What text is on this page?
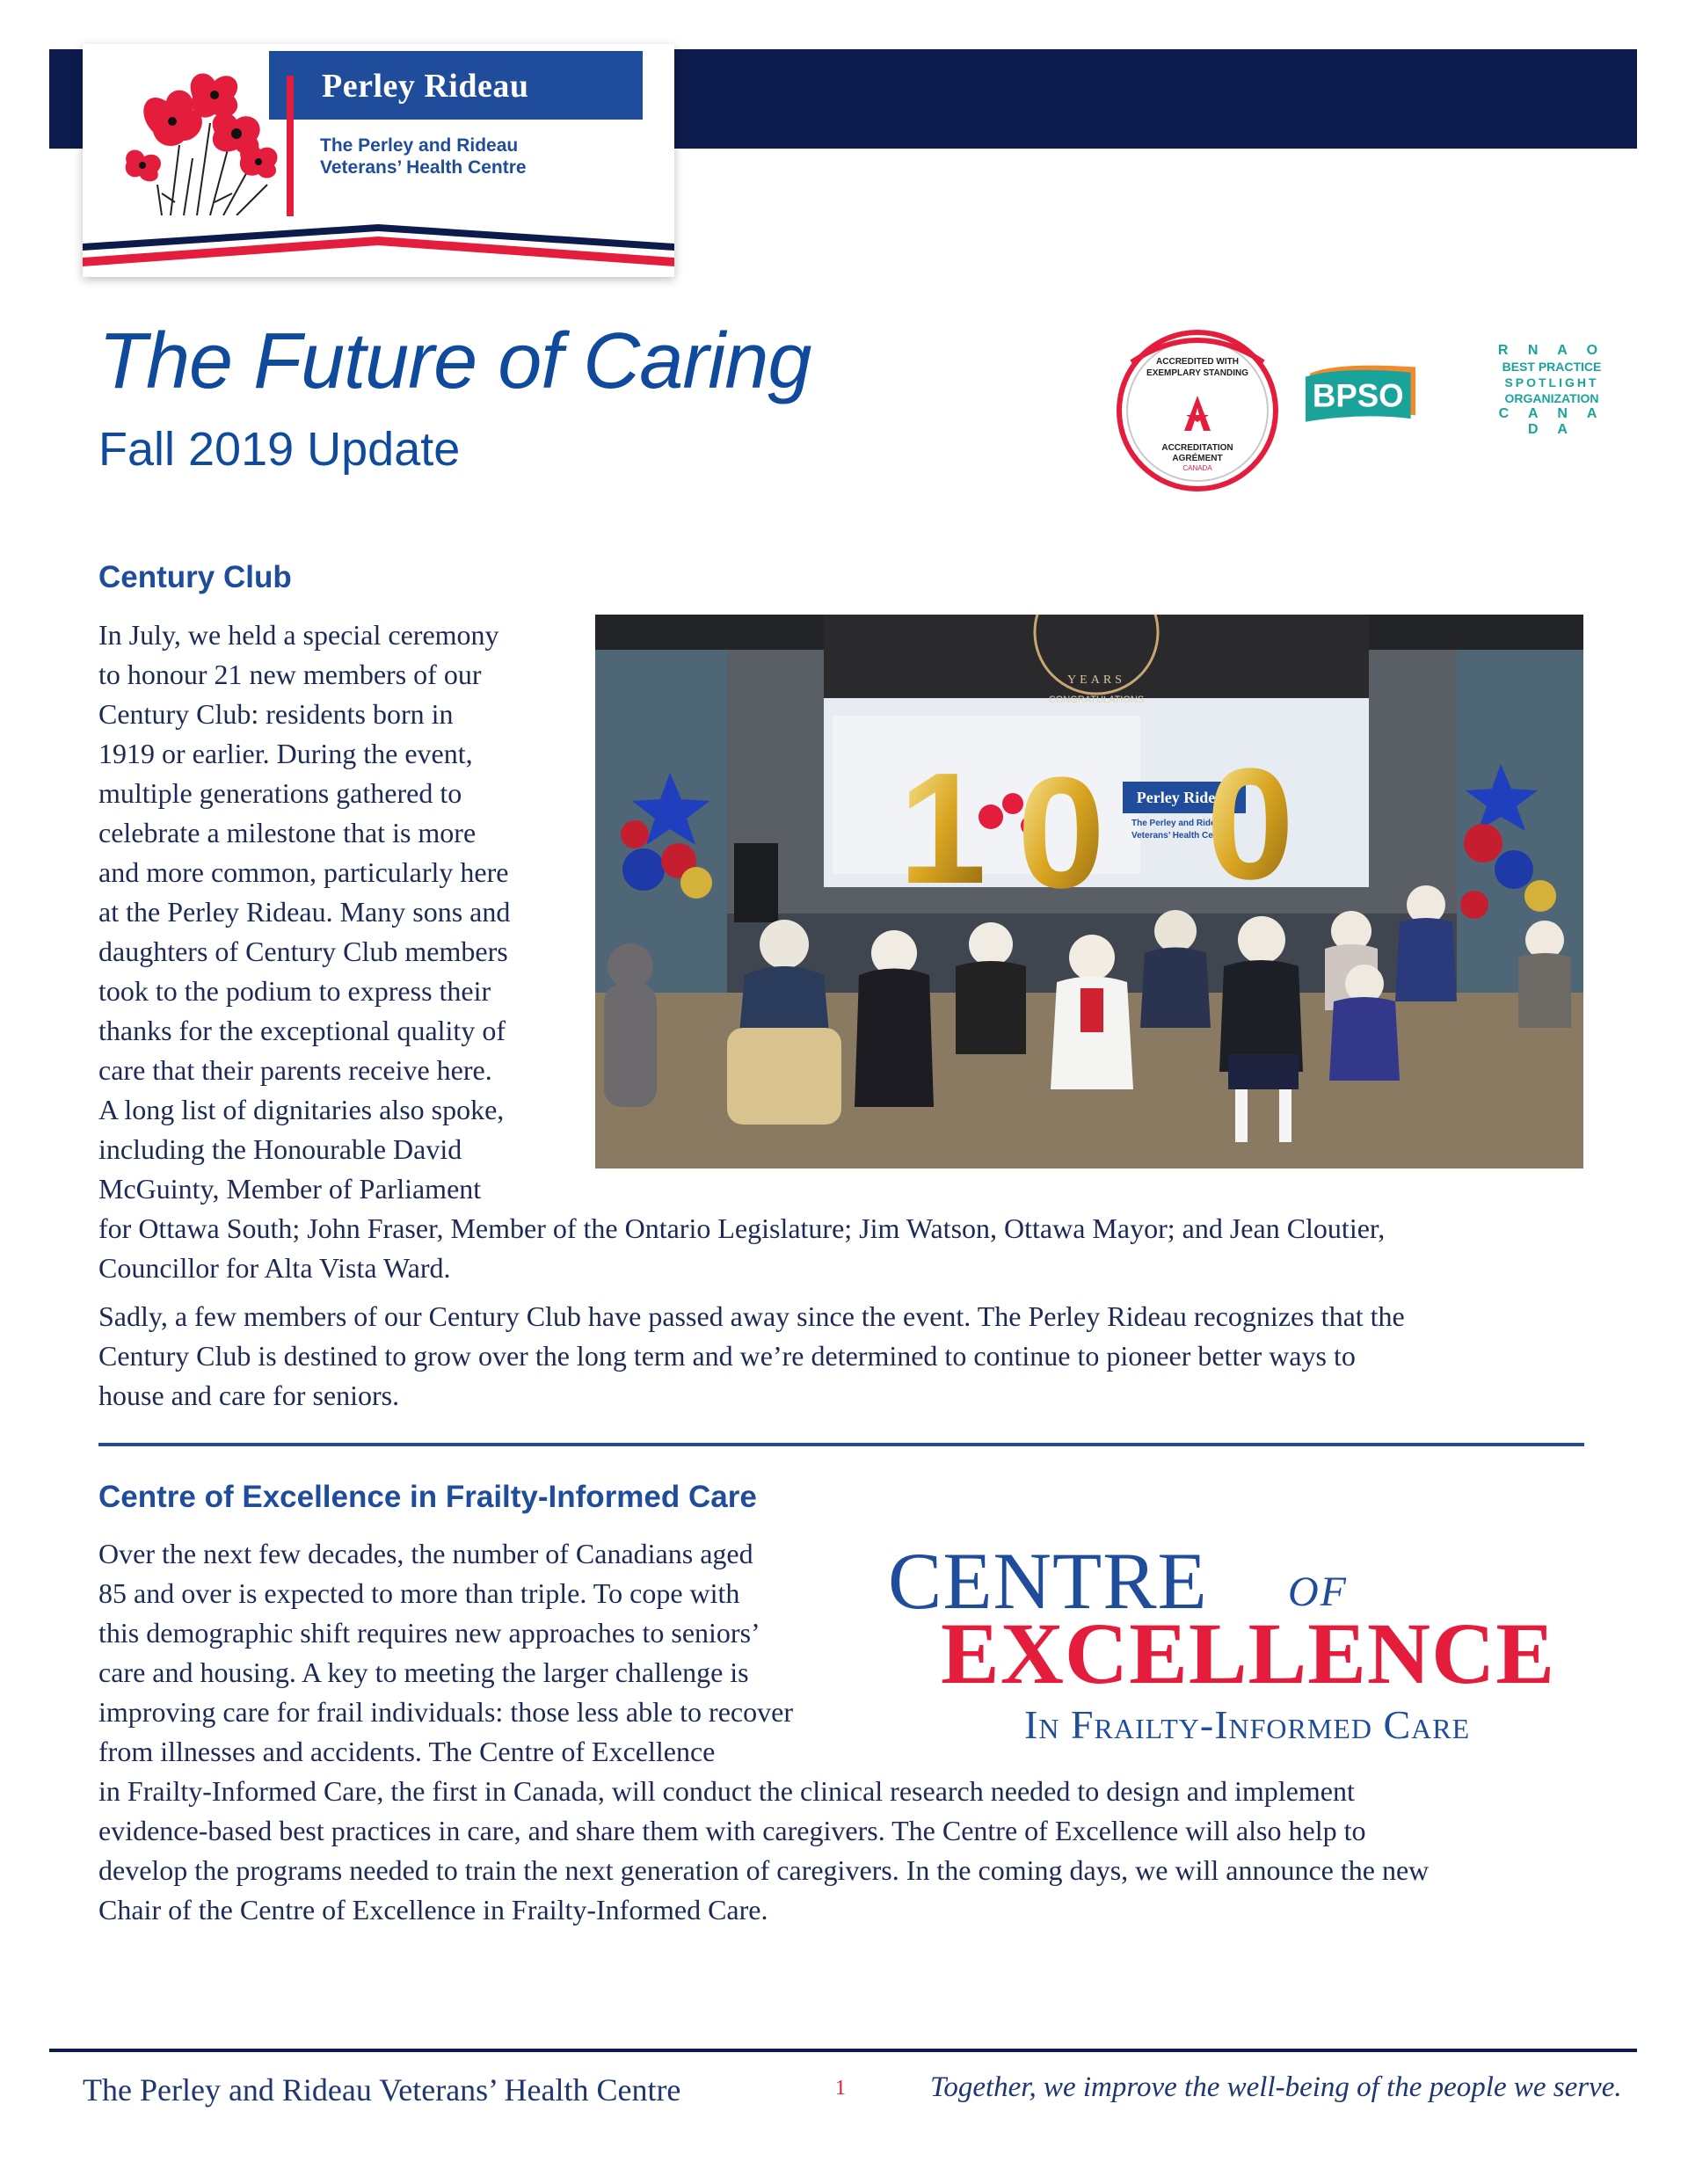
Perley Rideau
The Perley and Rideau
Veterans’ Health Centre
The Future of Caring
Fall 2019 Update
ACCREDITED WITH
EXEMPLARY STANDING
ACCREDITATION
AGRÉMENT
CANADA
BPSO
R N A O
BEST PRACTICE
SPOTLIGHT
ORGANIZATION
C A N A D A
Century Club
In July, we held a special ceremony
to honour 21 new members of our
Century Club: residents born in
1919 or earlier. During the event,
multiple generations gathered to
celebrate a milestone that is more
and more common, particularly here
at the Perley Rideau. Many sons and
daughters of Century Club members
took to the podium to express their
thanks for the exceptional quality of
care that their parents receive here.
A long list of dignitaries also spoke,
including the Honourable David
McGuinty, Member of Parliament
for Ottawa South; John Fraser, Member of the Ontario Legislature; Jim Watson, Ottawa Mayor; and Jean Cloutier,
Councillor for Alta Vista Ward.
Sadly, a few members of our Century Club have passed away since the event. The Perley Rideau recognizes that the
Century Club is destined to grow over the long term and we’re determined to continue to pioneer better ways to
house and care for seniors.
YEARS
CONGRATULATIONS
Perley Rideau
The Perley and Rideau
Veterans’ Health Centre
1 0 0
Centre of Excellence in Frailty-Informed Care
Over the next few decades, the number of Canadians aged
85 and over is expected to more than triple. To cope with
this demographic shift requires new approaches to seniors’
care and housing. A key to meeting the larger challenge is
improving care for frail individuals: those less able to recover
from illnesses and accidents. The Centre of Excellence
in Frailty-Informed Care, the first in Canada, will conduct the clinical research needed to design and implement
evidence-based best practices in care, and share them with caregivers. The Centre of Excellence will also help to
develop the programs needed to train the next generation of caregivers. In the coming days, we will announce the new
Chair of the Centre of Excellence in Frailty-Informed Care.
CENTRE OF
EXCELLENCE
In Frailty-Informed Care
The Perley and Rideau Veterans’ Health Centre	1	Together, we improve the well-being of the people we serve.
